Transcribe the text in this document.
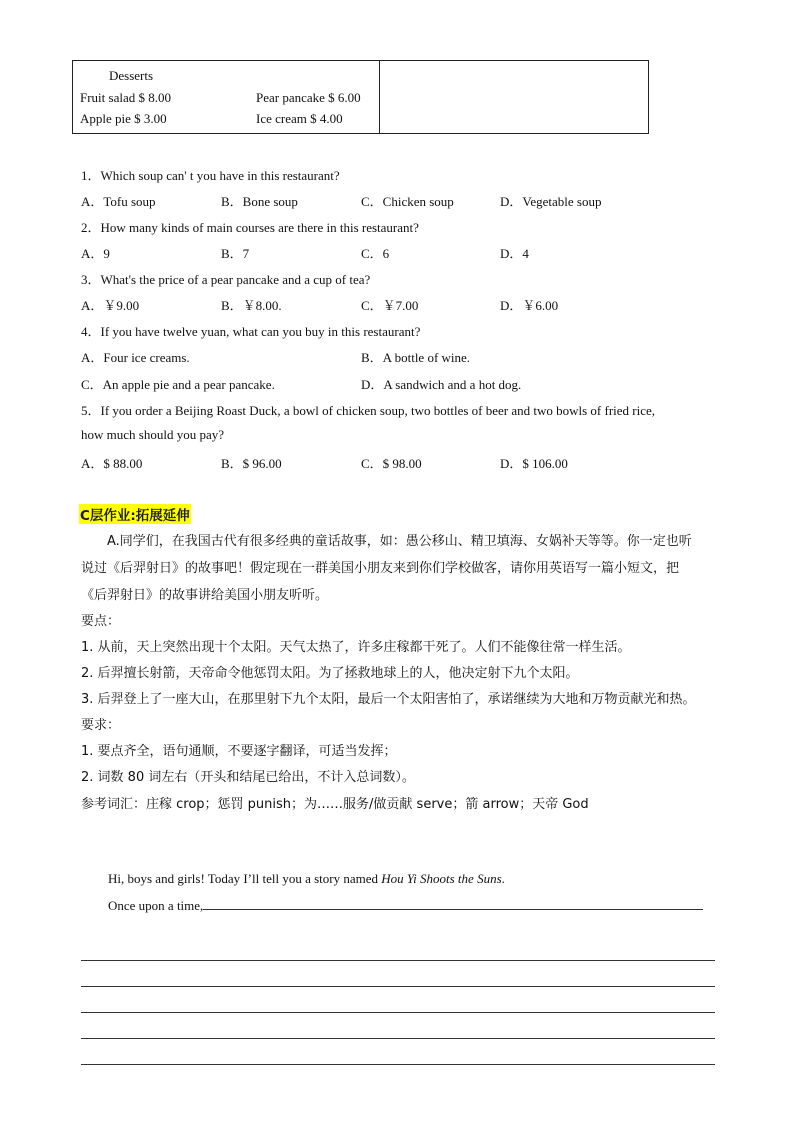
Desserts
Fruit salad $ 8.00	Pear pancake $ 6.00
Apple pie $ 3.00	Ice cream $ 4.00
1．Which soup can' t you have in this restaurant?
A．Tofu soup	B．Bone soup	C．Chicken soup	D．Vegetable soup
2．How many kinds of main courses are there in this restaurant?
A．9	B．7	C．6	D．4
3．What's the price of a pear pancake and a cup of tea?
A．￥9.00	B．￥8.00.	C．￥7.00	D．￥6.00
4．If you have twelve yuan, what can you buy in this restaurant?
A．Four ice creams.	B．A bottle of wine.
C．An apple pie and a pear pancake.	D．A sandwich and a hot dog.
5．If you order a Beijing Roast Duck, a bowl of chicken soup, two bottles of beer and two bowls of fried rice,
how much should you pay?
A．$ 88.00	B．$ 96.00	C．$ 98.00	D．$ 106.00
C层作业:拓展延伸
A.同学们，在我国古代有很多经典的童话故事，如：愚公移山、精卫填海、女娲补天等等。你一定也听
说过《后羿射日》的故事吧！假定现在一群美国小朋友来到你们学校做客，请你用英语写一篇小短文，把
《后羿射日》的故事讲给美国小朋友听听。
要点：
1. 从前，天上突然出现十个太阳。天气太热了，许多庄稼都干死了。人们不能像往常一样生活。
2. 后羿擅长射箭，天帝命令他惩罚太阳。为了拯救地球上的人，他决定射下九个太阳。
3. 后羿登上了一座大山，在那里射下九个太阳，最后一个太阳害怕了，承诺继续为大地和万物贡献光和热。
要求：
1. 要点齐全，语句通顺，不要逐字翻译，可适当发挥；
2. 词数 80 词左右（开头和结尾已给出，不计入总词数）。
参考词汇：庄稼 crop；惩罚 punish；为……服务/做贡献 serve；箭 arrow；天帝 God
Hi, boys and girls! Today I’ll tell you a story named Hou Yi Shoots the Suns.
Once upon a time,
